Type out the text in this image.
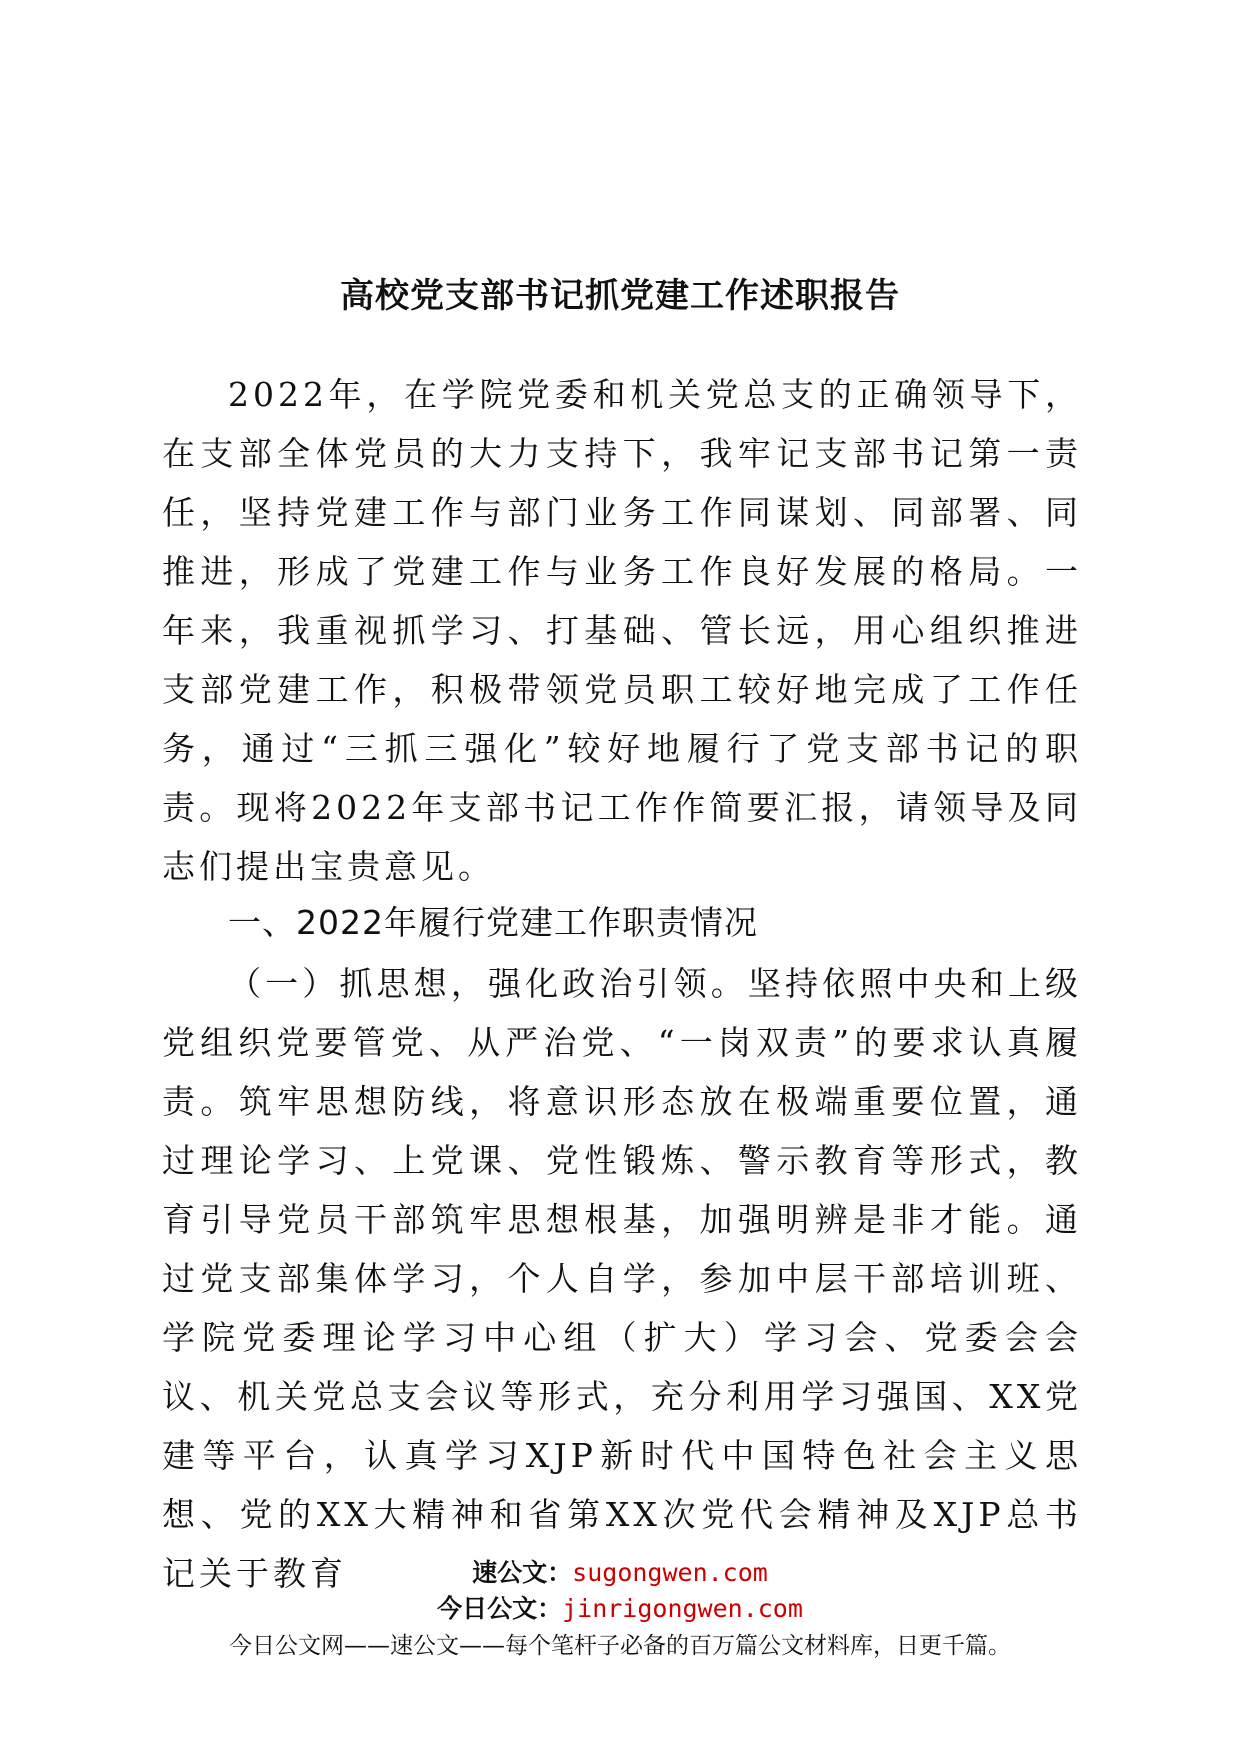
高校党支部书记抓党建工作述职报告
2022年，在学院党委和机关党总支的正确领导下，在支部全体党员的大力支持下，我牢记支部书记第一责任，坚持党建工作与部门业务工作同谋划、同部署、同推进，形成了党建工作与业务工作良好发展的格局。一年来，我重视抓学习、打基础、管长远，用心组织推进支部党建工作，积极带领党员职工较好地完成了工作任务，通过“三抓三强化”较好地履行了党支部书记的职责。现将2022年支部书记工作作简要汇报，请领导及同志们提出宝贵意见。
一、2022年履行党建工作职责情况
（一）抓思想，强化政治引领。坚持依照中央和上级党组织党要管党、从严治党、“一岗双责”的要求认真履责。筑牢思想防线，将意识形态放在极端重要位置，通过理论学习、上党课、党性锻炼、警示教育等形式，教育引导党员干部筑牢思想根基，加强明辨是非才能。通过党支部集体学习，个人自学，参加中层干部培训班、学院党委理论学习中心组（扩大）学习会、党委会会议、机关党总支会议等形式，充分利用学习强国、XX党建等平台，认真学习XJP新时代中国特色社会主义思想、党的XX大精神和省第XX次党代会精神及XJP总书记关于教育	速公文：sugongwen.com
今日公文：jinrigongwen.com
今日公文网——速公文——每个笔杆子必备的百万篇公文材料库，日更千篇。
